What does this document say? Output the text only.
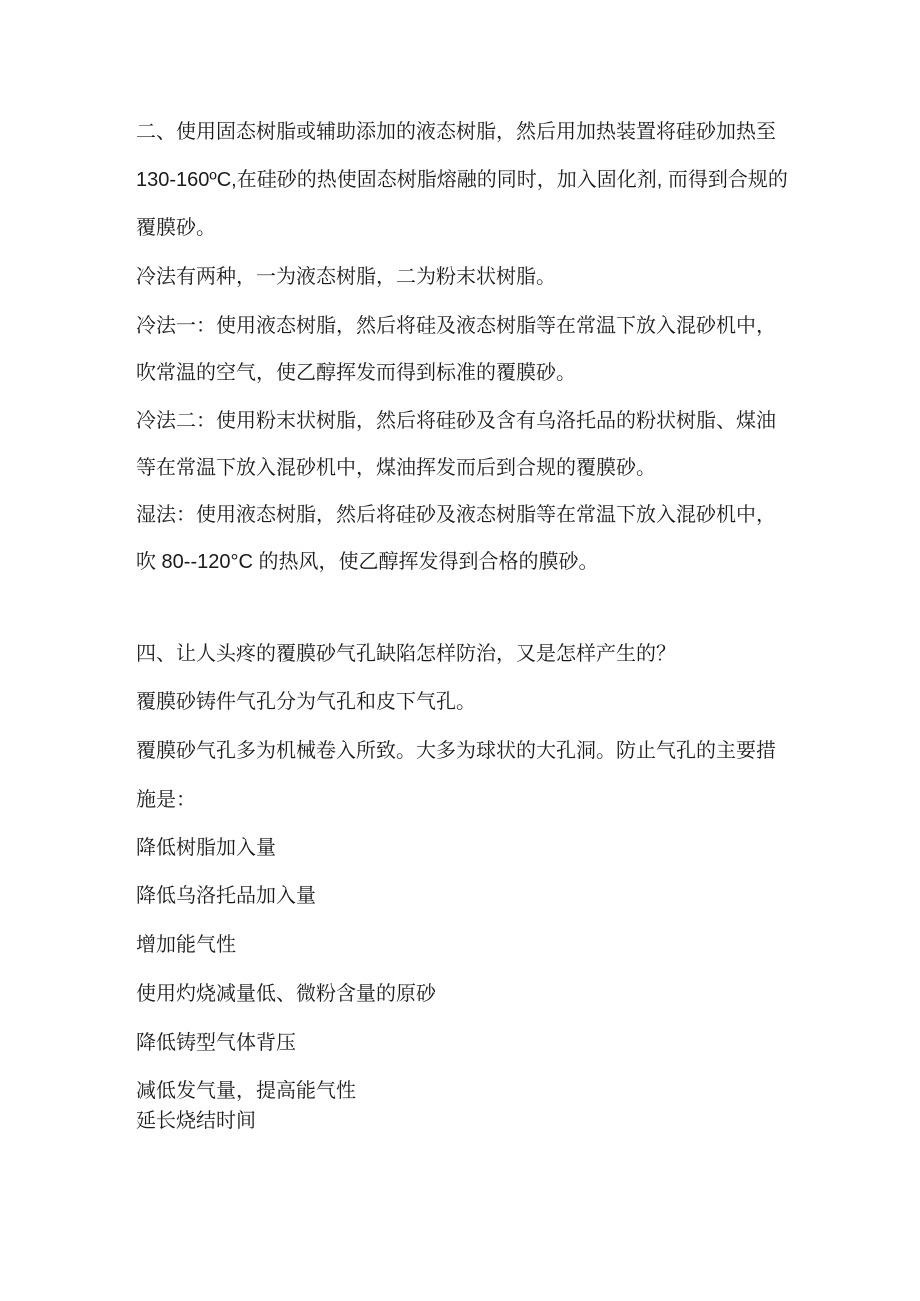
二、使用固态树脂或辅助添加的液态树脂，然后用加热装置将硅砂加热至
130-160ºC,在硅砂的热使固态树脂熔融的同时，加入固化剂, 而得到合规的
覆膜砂。
冷法有两种，一为液态树脂，二为粉末状树脂。
冷法一：使用液态树脂，然后将硅及液态树脂等在常温下放入混砂机中，
吹常温的空气，使乙醇挥发而得到标准的覆膜砂。
冷法二：使用粉末状树脂，然后将硅砂及含有乌洛托品的粉状树脂、煤油
等在常温下放入混砂机中，煤油挥发而后到合规的覆膜砂。
湿法：使用液态树脂，然后将硅砂及液态树脂等在常温下放入混砂机中，
吹 80--120°C 的热风，使乙醇挥发得到合格的膜砂。
四、让人头疼的覆膜砂气孔缺陷怎样防治，又是怎样产生的？
覆膜砂铸件气孔分为气孔和皮下气孔。
覆膜砂气孔多为机械卷入所致。大多为球状的大孔洞。防止气孔的主要措
施是：
降低树脂加入量
降低乌洛托品加入量
增加能气性
使用灼烧减量低、微粉含量的原砂
降低铸型气体背压
减低发气量，提高能气性
延长烧结时间
